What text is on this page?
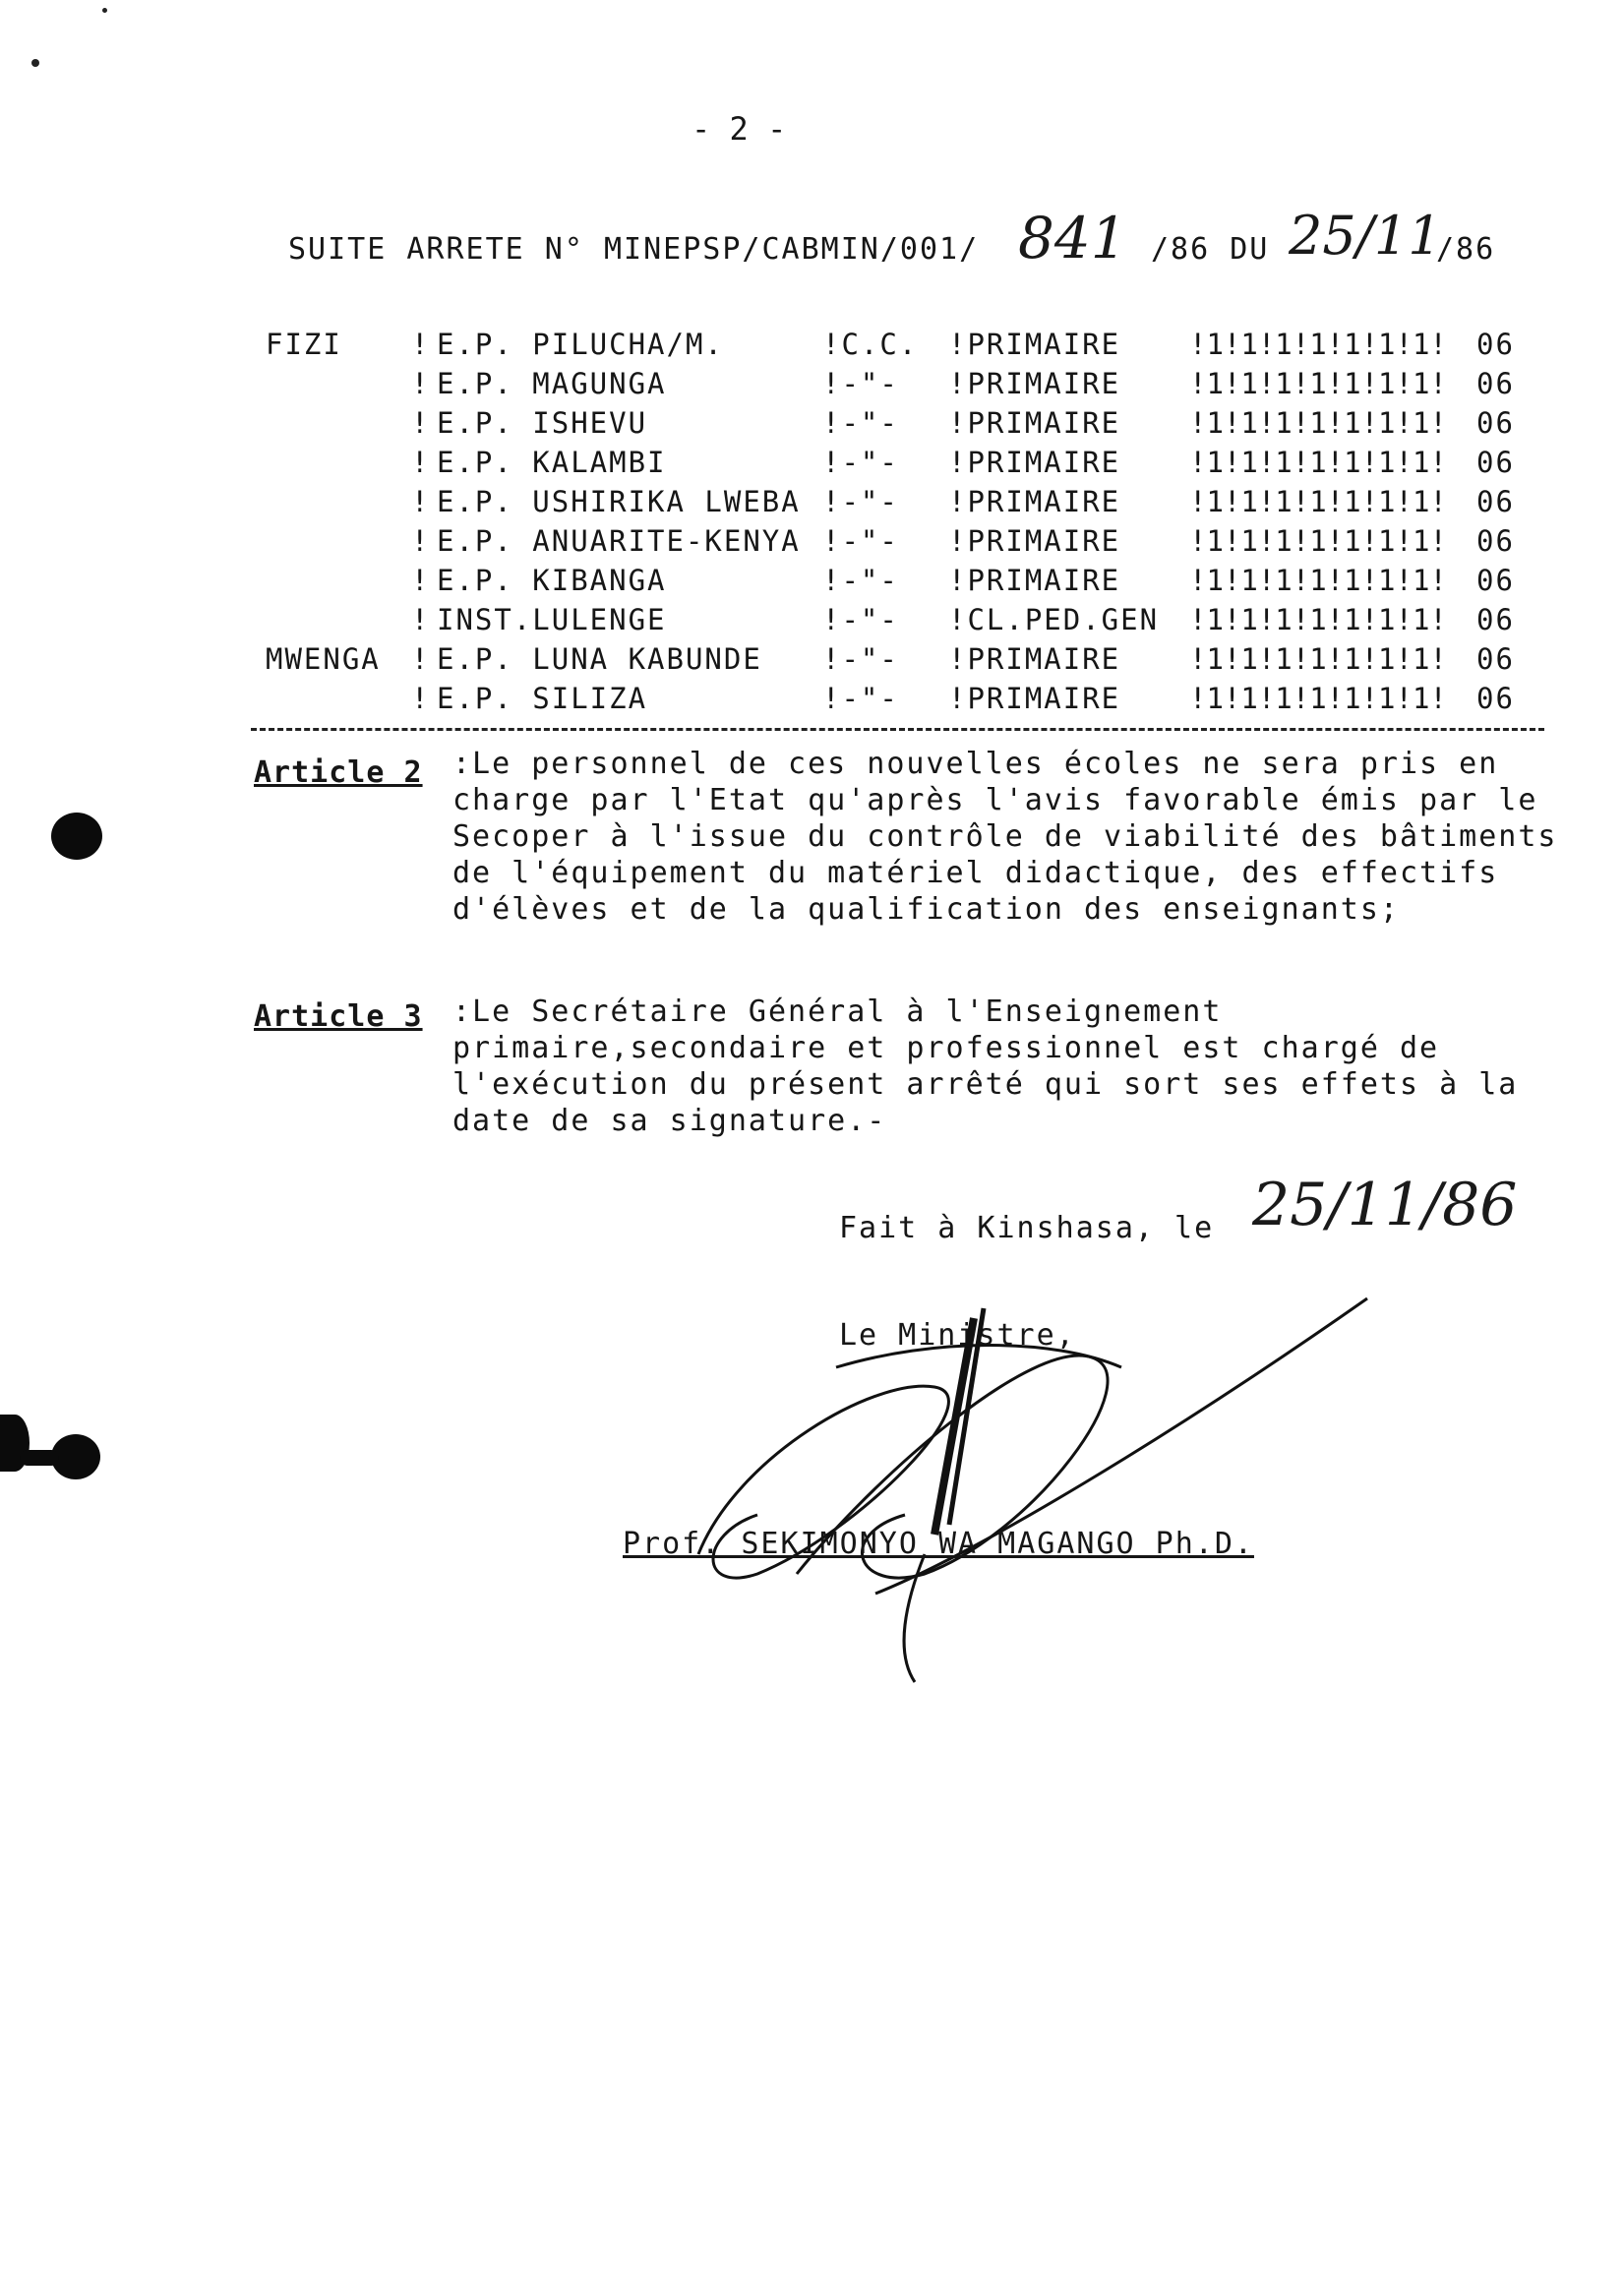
- 2 -
SUITE ARRETE N° MINEPSP/CABMIN/001/ 841 /86 DU 25/11
/86
FIZI	!	E.P. PILUCHA/M.	!C.C.	!PRIMAIRE	!1!1!1!1!1!1!1!	06
	!	E.P. MAGUNGA	!-"-	!PRIMAIRE	!1!1!1!1!1!1!1!	06
	!	E.P. ISHEVU	!-"-	!PRIMAIRE	!1!1!1!1!1!1!1!	06
	!	E.P. KALAMBI	!-"-	!PRIMAIRE	!1!1!1!1!1!1!1!	06
	!	E.P. USHIRIKA LWEBA	!-"-	!PRIMAIRE	!1!1!1!1!1!1!1!	06
	!	E.P. ANUARITE-KENYA	!-"-	!PRIMAIRE	!1!1!1!1!1!1!1!	06
	!	E.P. KIBANGA	!-"-	!PRIMAIRE	!1!1!1!1!1!1!1!	06
	!	INST.LULENGE	!-"-	!CL.PED.GEN	!1!1!1!1!1!1!1!	06
MWENGA	!	E.P. LUNA KABUNDE	!-"-	!PRIMAIRE	!1!1!1!1!1!1!1!	06
	!	E.P. SILIZA	!-"-	!PRIMAIRE	!1!1!1!1!1!1!1!	06
Article 2 :Le personnel de ces nouvelles écoles ne sera pris en charge par l'Etat qu'après l'avis favorable émis par le Secoper à l'issue du contrôle de viabilité des bâtiments de l'équipement du matériel didactique, des effectifs d'élèves et de la qualification des enseignants;
Article 3 :Le Secrétaire Général à l'Enseignement primaire,secondaire et professionnel est chargé de l'exécution du présent arrêté qui sort ses effets à la date de sa signature.-
Fait à Kinshasa, le 25/11/86
Le Ministre,
Prof. SEKIMONYO WA MAGANGO Ph.D.
